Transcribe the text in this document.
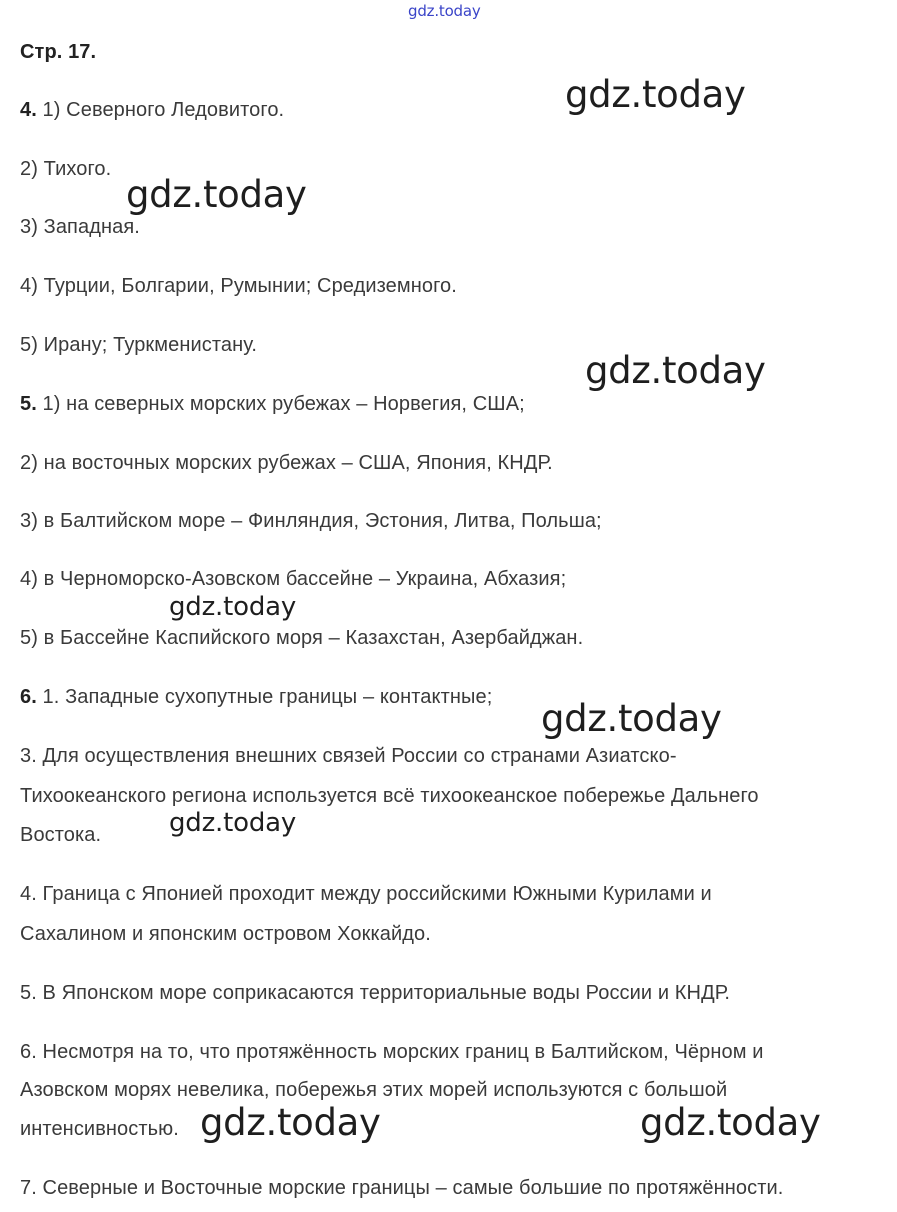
gdz.today

Стр. 17.

4. 1) Северного Ледовитого.

2) Тихого.

3) Западная.

4) Турции, Болгарии, Румынии; Средиземного.

5) Ирану; Туркменистану.

5. 1) на северных морских рубежах – Норвегия, США;

2) на восточных морских рубежах – США, Япония, КНДР.

3) в Балтийском море – Финляндия, Эстония, Литва, Польша;

4) в Черноморско-Азовском бассейне – Украина, Абхазия;

5) в Бассейне Каспийского моря – Казахстан, Азербайджан.

6. 1. Западные сухопутные границы – контактные;

3. Для осуществления внешних связей России со странами Азиатско-

Тихоокеанского региона используется всё тихоокеанское побережье Дальнего

Востока.

4. Граница с Японией проходит между российскими Южными Курилами и

Сахалином и японским островом Хоккайдо.

5. В Японском море соприкасаются территориальные воды России и КНДР.

6. Несмотря на то, что протяжённость морских границ в Балтийском, Чёрном и

Азовском морях невелика, побережья этих морей используются с большой

интенсивностью.

7. Северные и Восточные морские границы – самые большие по протяжённости.

gdz.today
gdz.today
gdz.today
gdz.today
gdz.today
gdz.today
gdz.today	gdz.today
